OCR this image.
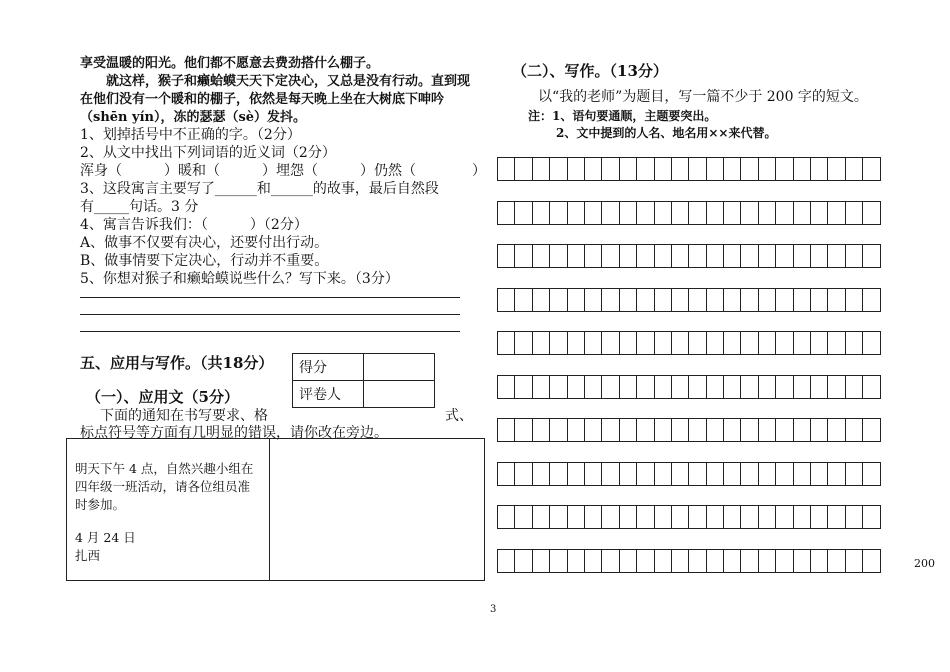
享受温暖的阳光。他们都不愿意去费劲搭什么棚子。
　　就这样，猴子和癞蛤蟆天天下定决心，又总是没有行动。直到现
在他们没有一个暖和的棚子，依然是每天晚上坐在大树底下呻吟
（shēn yín），冻的瑟瑟（sè）发抖。
1、划掉括号中不正确的字。（2分）
2、从文中找出下列词语的近义词（2分）
浑身（　　　）暖和（　　　）埋怨（　　　）仍然（　　　　）
3、这段寓言主要写了______和______的故事，最后自然段
有_____句话。3 分
4、寓言告诉我们：（　　　）（2分）
A、做事不仅要有决心，还要付出行动。
B、做事情要下定决心，行动并不重要。
5、你想对猴子和癞蛤蟆说些什么？写下来。（3分）
五、应用与写作。（共18分） 得分	
评卷人	
（一）、应用文（5分）
　下面的通知在书写要求、格	式、
标点符号等方面有几明显的错误，请你改在旁边。
明天下午 4 点，自然兴趣小组在
四年级一班活动，请各位组员准
时参加。
4 月 24 日
扎西
3
（二）、写作。（13分）
以“我的老师”为题目，写一篇不少于 200 字的短文。
注：1、语句要通顺，主题要突出。
2、文中提到的人名、地名用××来代替。
200
